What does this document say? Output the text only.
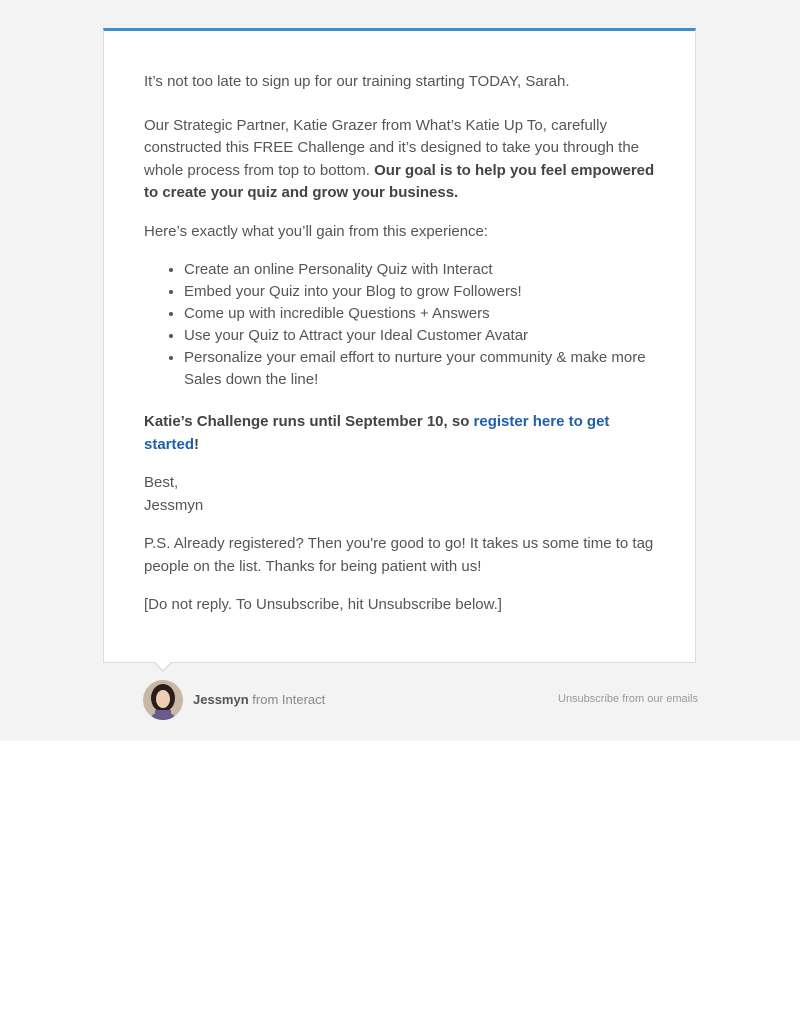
It’s not too late to sign up for our training starting TODAY, Sarah.

Our Strategic Partner, Katie Grazer from What’s Katie Up To, carefully constructed this FREE Challenge and it’s designed to take you through the whole process from top to bottom. Our goal is to help you feel empowered to create your quiz and grow your business.

Here’s exactly what you’ll gain from this experience:

• Create an online Personality Quiz with Interact
• Embed your Quiz into your Blog to grow Followers!
• Come up with incredible Questions + Answers
• Use your Quiz to Attract your Ideal Customer Avatar
• Personalize your email effort to nurture your community & make more Sales down the line!

Katie’s Challenge runs until September 10, so register here to get started!

Best,
Jessmyn

P.S. Already registered? Then you're good to go! It takes us some time to tag people on the list. Thanks for being patient with us!

[Do not reply. To Unsubscribe, hit Unsubscribe below.]

Jessmyn from Interact	Unsubscribe from our emails
